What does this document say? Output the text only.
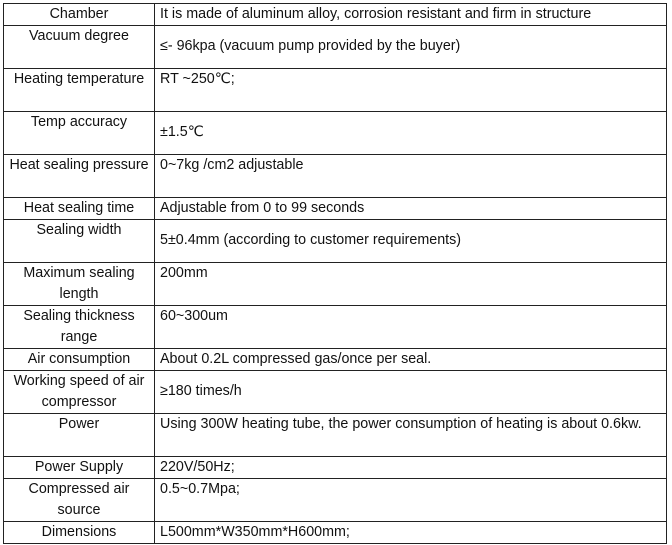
Chamber	It is made of aluminum alloy, corrosion resistant and firm in structure
Vacuum degree	≤- 96kpa (vacuum pump provided by the buyer)

Heating temperature	RT ~250℃;
Temp accuracy	±1.5℃

Heat sealing pressure	0~7kg /cm2 adjustable
Heat sealing time	Adjustable from 0 to 99 seconds
Sealing width	5±0.4mm (according to customer requirements)

Maximum sealing length	200mm
Sealing thickness range	60~300um
Air consumption	About 0.2L compressed gas/once per seal.
Working speed of air compressor	≥180 times/h

Power	Using 300W heating tube, the power consumption of heating is about 0.6kw.
Power Supply	220V/50Hz;
Compressed air source	0.5~0.7Mpa;
Dimensions	L500mm*W350mm*H600mm;
